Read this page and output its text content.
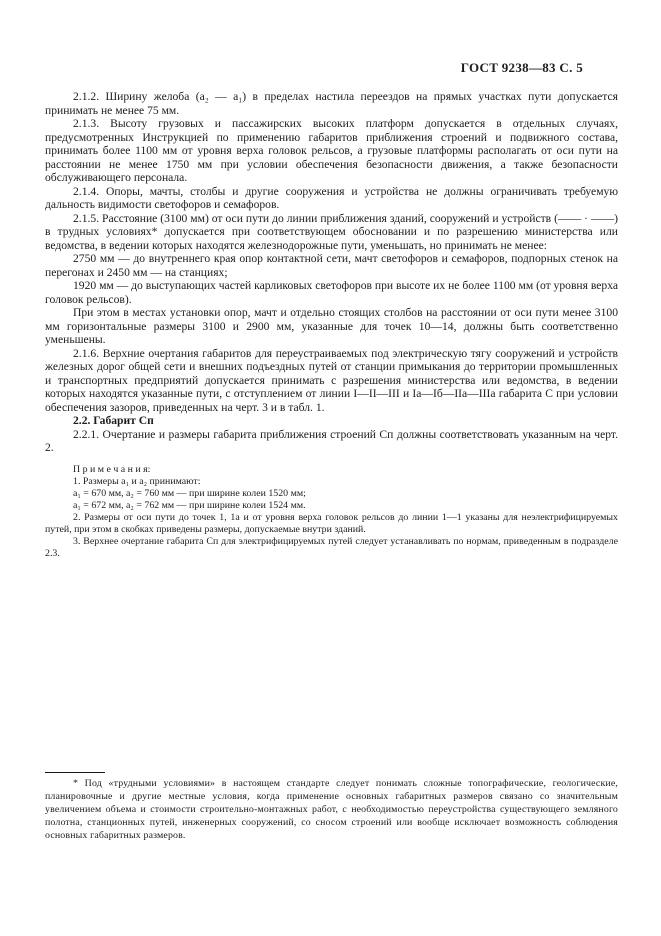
ГОСТ 9238—83 С. 5

2.1.2. Ширину желоба (a₂ — a₁) в пределах настила переездов на прямых участках пути допускается принимать не менее 75 мм.

2.1.3. Высоту грузовых и пассажирских высоких платформ допускается в отдельных случаях, предусмотренных Инструкцией по применению габаритов приближения строений и подвижного состава, принимать более 1100 мм от уровня верха головок рельсов, а грузовые платформы располагать от оси пути на расстоянии не менее 1750 мм при условии обеспечения безопасности движения, а также безопасности обслуживающего персонала.

2.1.4. Опоры, мачты, столбы и другие сооружения и устройства не должны ограничивать требуемую дальность видимости светофоров и семафоров.

2.1.5. Расстояние (3100 мм) от оси пути до линии приближения зданий, сооружений и устройств (—— · ——) в трудных условиях* допускается при соответствующем обосновании и по разрешению министерства или ведомства, в ведении которых находятся железнодорожные пути, уменьшать, но принимать не менее:

2750 мм — до внутреннего края опор контактной сети, мачт светофоров и семафоров, подпорных стенок на перегонах и 2450 мм — на станциях;

1920 мм — до выступающих частей карликовых светофоров при высоте их не более 1100 мм (от уровня верха головок рельсов).

При этом в местах установки опор, мачт и отдельно стоящих столбов на расстоянии от оси пути менее 3100 мм горизонтальные размеры 3100 и 2900 мм, указанные для точек 10—14, должны быть соответственно уменьшены.

2.1.6. Верхние очертания габаритов для переустраиваемых под электрическую тягу сооружений и устройств железных дорог общей сети и внешних подъездных путей от станции примыкания до территории промышленных и транспортных предприятий допускается принимать с разрешения министерства или ведомства, в ведении которых находятся указанные пути, с отступлением от линии I—II—III и Iа—Iб—IIа—IIIа габарита С при условии обеспечения зазоров, приведенных на черт. 3 и в табл. 1.

2.2. Габарит Сп

2.2.1. Очертание и размеры габарита приближения строений Сп должны соответствовать указанным на черт. 2.

П р и м е ч а н и я:

1. Размеры a₁ и a₂ принимают:

a₁ = 670 мм, a₂ = 760 мм — при ширине колеи 1520 мм;

a₁ = 672 мм, a₂ = 762 мм — при ширине колеи 1524 мм.

2. Размеры от оси пути до точек 1, 1а и от уровня верха головок рельсов до линии 1—1 указаны для неэлектрифицируемых путей, при этом в скобках приведены размеры, допускаемые внутри зданий.

3. Верхнее очертание габарита Сп для электрифицируемых путей следует устанавливать по нормам, приведенным в подразделе 2.3.

* Под «трудными условиями» в настоящем стандарте следует понимать сложные топографические, геологические, планировочные и другие местные условия, когда применение основных габаритных размеров связано со значительным увеличением объема и стоимости строительно-монтажных работ, с необходимостью переустройства существующего земляного полотна, станционных путей, инженерных сооружений, со сносом строений или вообще исключает возможность соблюдения основных габаритных размеров.
